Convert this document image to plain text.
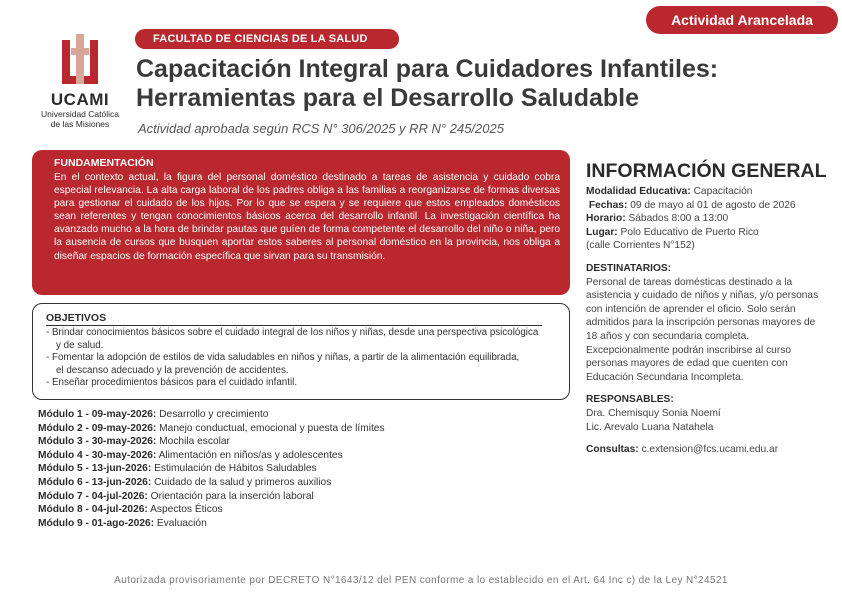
Actividad Arancelada
UCAMI
Universidad Católica
de las Misiones
FACULTAD DE CIENCIAS DE LA SALUD
Capacitación Integral para Cuidadores Infantiles:
Herramientas para el Desarrollo Saludable
Actividad aprobada según RCS N° 306/2025 y RR N° 245/2025
FUNDAMENTACIÓN
En el contexto actual, la figura del personal doméstico destinado a tareas de asistencia y cuidado cobra especial relevancia. La alta carga laboral de los padres obliga a las familias a reorganizarse de formas diversas para gestionar el cuidado de los hijos. Por lo que se espera y se requiere que estos empleados domésticos sean referentes y tengan conocimientos básicos acerca del desarrollo infantil. La investigación científica ha avanzado mucho a la hora de brindar pautas que guíen de forma competente el desarrollo del niño o niña, pero la ausencia de cursos que busquen aportar estos saberes al personal doméstico en la provincia, nos obliga a diseñar espacios de formación específica que sirvan para su transmisión.
OBJETIVOS
- Brindar conocimientos básicos sobre el cuidado integral de los niños y niñas, desde una perspectiva psicológica
y de salud.
- Fomentar la adopción de estilos de vida saludables en niños y niñas, a partir de la alimentación equilibrada,
el descanso adecuado y la prevención de accidentes.
- Enseñar procedimientos básicos para el cuidado infantil.
Módulo 1 - 09-may-2026: Desarrollo y crecimiento
Módulo 2 - 09-may-2026: Manejo conductual, emocional y puesta de límites
Módulo 3 - 30-may-2026: Mochila escolar
Módulo 4 - 30-may-2026: Alimentación en niños/as y adolescentes
Módulo 5 - 13-jun-2026: Estimulación de Hábitos Saludables
Módulo 6 - 13-jun-2026: Cuidado de la salud y primeros auxilios
Módulo 7 - 04-jul-2026: Orientación para la inserción laboral
Módulo 8 - 04-jul-2026: Aspectos Éticos
Módulo 9 - 01-ago-2026: Evaluación
INFORMACIÓN GENERAL
Modalidad Educativa: Capacitación
Fechas: 09 de mayo al 01 de agosto de 2026
Horario: Sábados 8:00 a 13:00
Lugar: Polo Educativo de Puerto Rico
(calle Corrientes N°152)
DESTINATARIOS:
Personal de tareas domésticas destinado a la asistencia y cuidado de niños y niñas, y/o personas con intención de aprender el oficio. Solo serán admitidos para la inscripción personas mayores de 18 años y con secundaria completa. Excepcionalmente podrán inscribirse al curso personas mayores de edad que cuenten con Educación Secundaria Incompleta.
RESPONSABLES:
Dra. Chemisquy Sonia Noemí
Lic. Arevalo Luana Natahela
Consultas: c.extension@fcs.ucami.edu.ar
Autorizada provisoriamente por DECRETO N°1643/12 del PEN conforme a lo establecido en el Art. 64 Inc c) de la Ley N°24521
